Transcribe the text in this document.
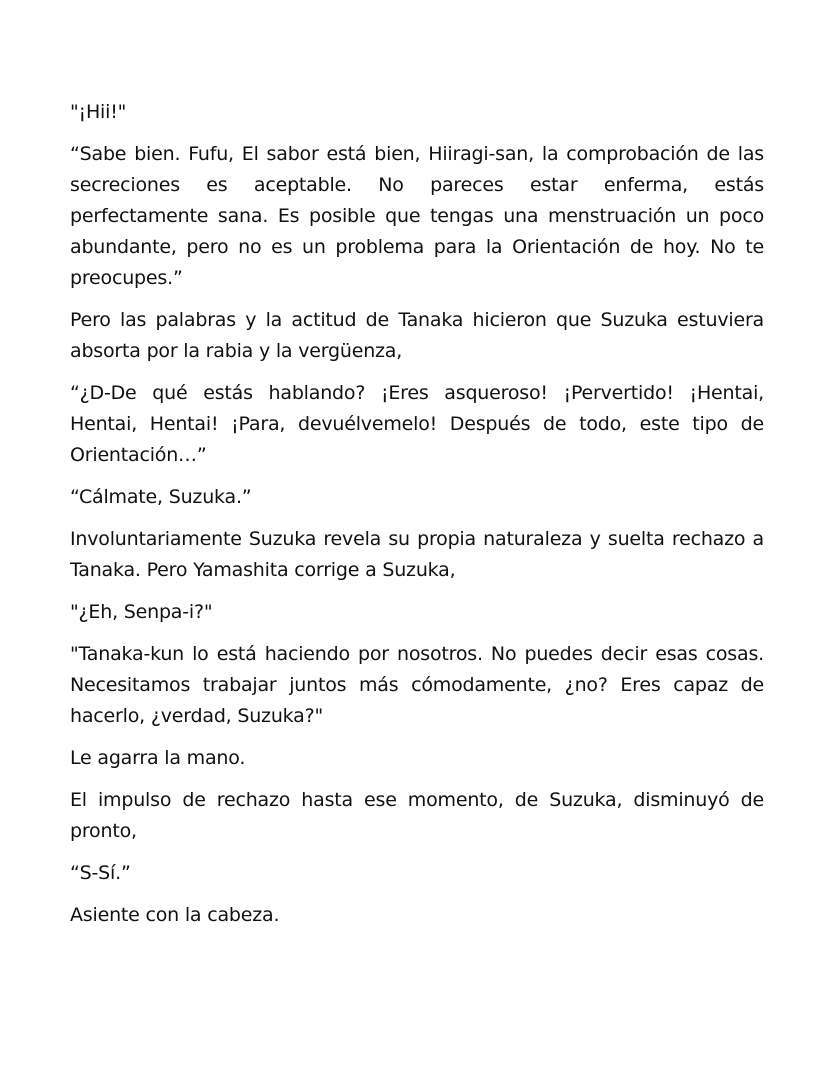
"¡Hii!"

“Sabe bien. Fufu, El sabor está bien, Hiiragi-san, la comprobación de las secreciones es aceptable. No pareces estar enferma, estás perfectamente sana. Es posible que tengas una menstruación un poco abundante, pero no es un problema para la Orientación de hoy. No te preocupes.”

Pero las palabras y la actitud de Tanaka hicieron que Suzuka estuviera absorta por la rabia y la vergüenza,

“¿D-De qué estás hablando? ¡Eres asqueroso! ¡Pervertido! ¡Hentai, Hentai, Hentai! ¡Para, devuélvemelo! Después de todo, este tipo de Orientación…”

“Cálmate, Suzuka.”

Involuntariamente Suzuka revela su propia naturaleza y suelta rechazo a Tanaka. Pero Yamashita corrige a Suzuka,

"¿Eh, Senpa-i?"

"Tanaka-kun lo está haciendo por nosotros. No puedes decir esas cosas. Necesitamos trabajar juntos más cómodamente, ¿no? Eres capaz de hacerlo, ¿verdad, Suzuka?"

Le agarra la mano.

El impulso de rechazo hasta ese momento, de Suzuka, disminuyó de pronto,

“S-Sí.”

Asiente con la cabeza.
